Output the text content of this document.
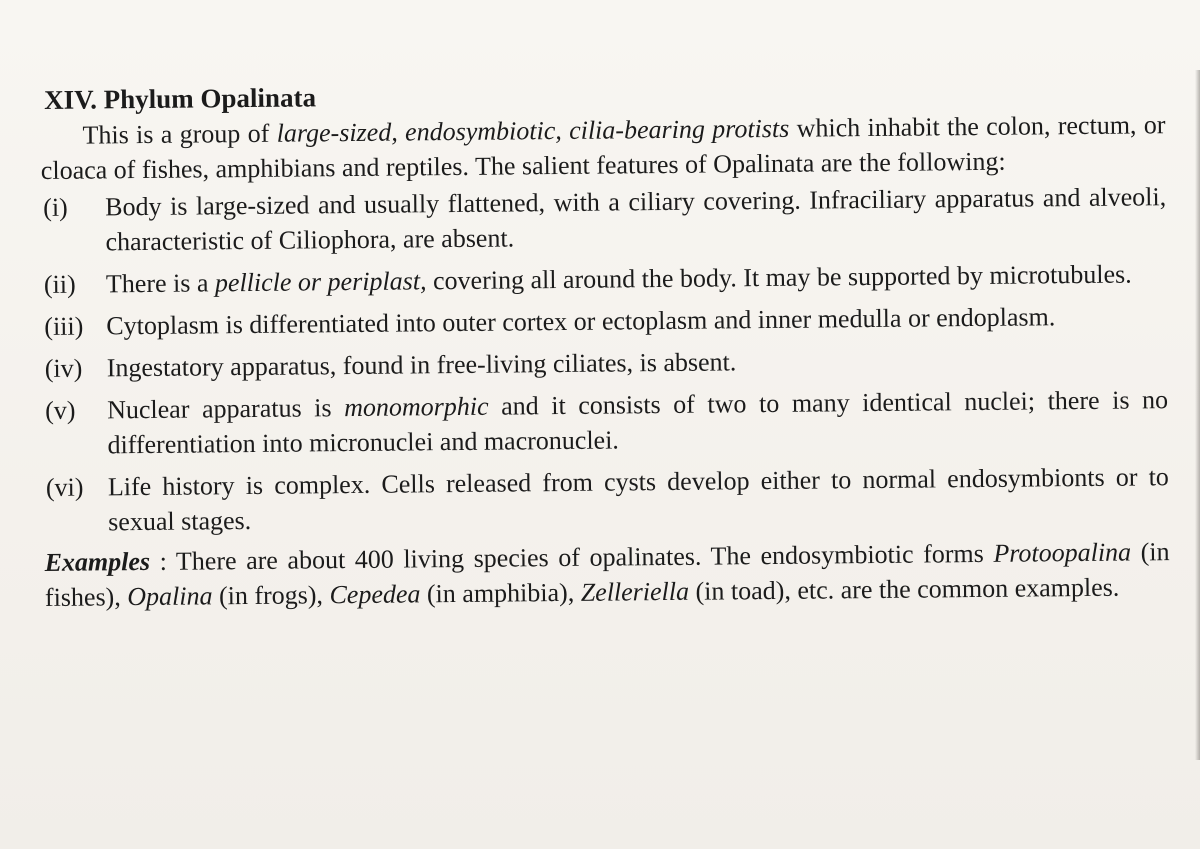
XIV. Phylum Opalinata

This is a group of large-sized, endosymbiotic, cilia-bearing protists which inhabit the colon, rectum, or cloaca of fishes, amphibians and reptiles. The salient features of Opalinata are the following:

(i)	Body is large-sized and usually flattened, with a ciliary covering. Infraciliary apparatus and alveoli, characteristic of Ciliophora, are absent.
(ii)	There is a pellicle or periplast, covering all around the body. It may be supported by microtubules.
(iii) Cytoplasm is differentiated into outer cortex or ectoplasm and inner medulla or endoplasm.
(iv) Ingestatory apparatus, found in free-living ciliates, is absent.
(v)	Nuclear apparatus is monomorphic and it consists of two to many identical nuclei; there is no differentiation into micronuclei and macronuclei.
(vi) Life history is complex. Cells released from cysts develop either to normal endosymbionts or to sexual stages.

Examples : There are about 400 living species of opalinates. The endosymbiotic forms Protoopalina (in fishes), Opalina (in frogs), Cepedea (in amphibia), Zelleriella (in toad), etc. are the common examples.
